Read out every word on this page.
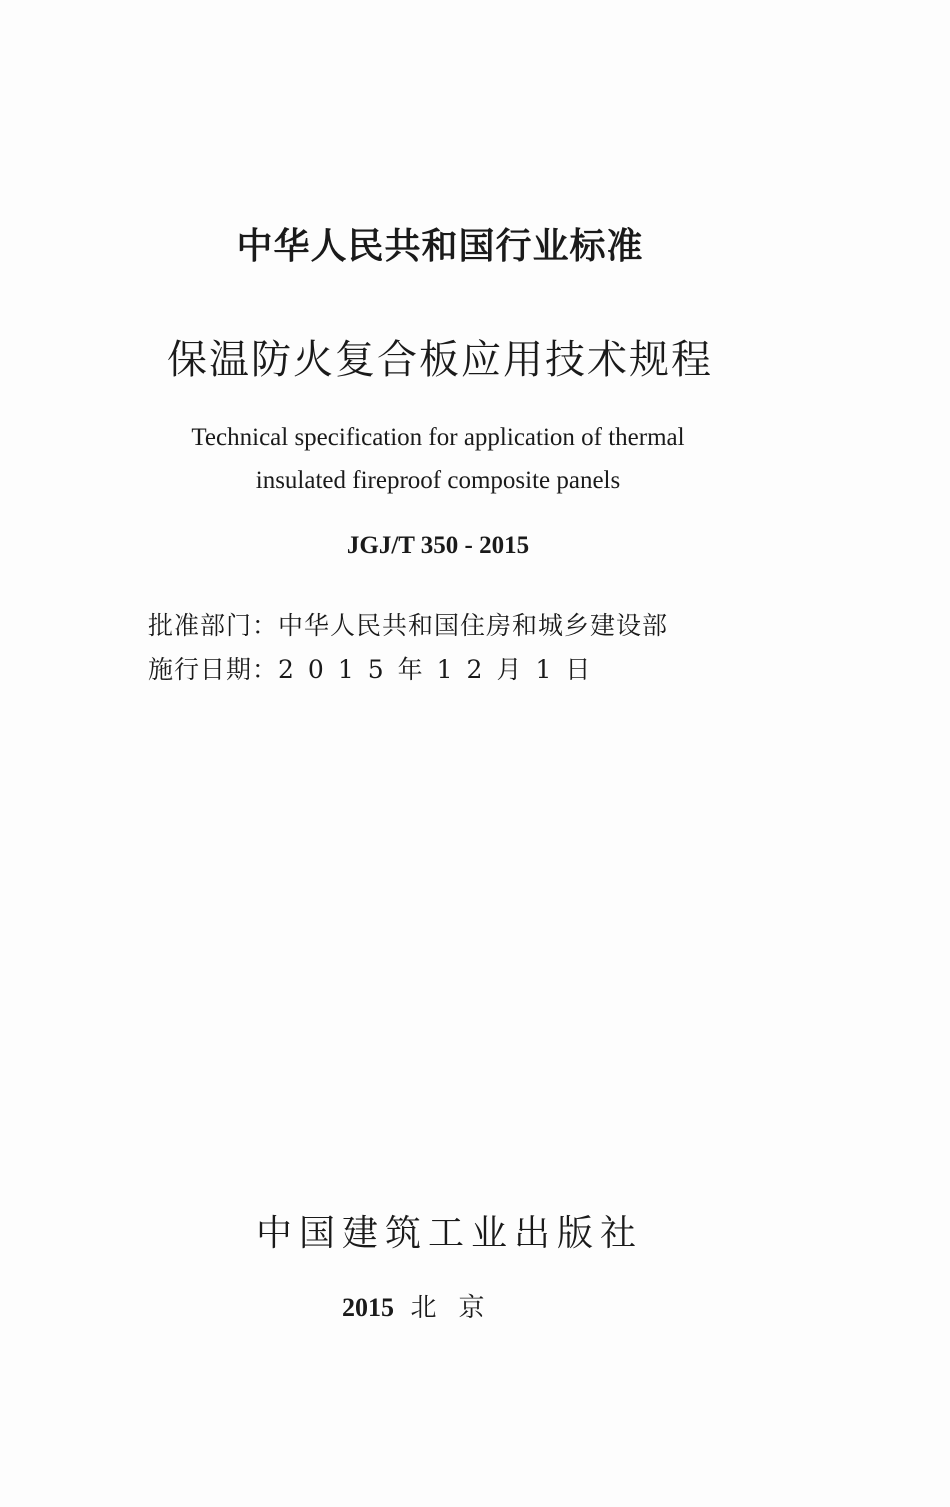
中华人民共和国行业标准
保温防火复合板应用技术规程
Technical specification for application of thermal
insulated fireproof composite panels
JGJ/T 350 - 2015
批准部门：中华人民共和国住房和城乡建设部
施行日期：2015年12月1日
中国建筑工业出版社
2015 北京
